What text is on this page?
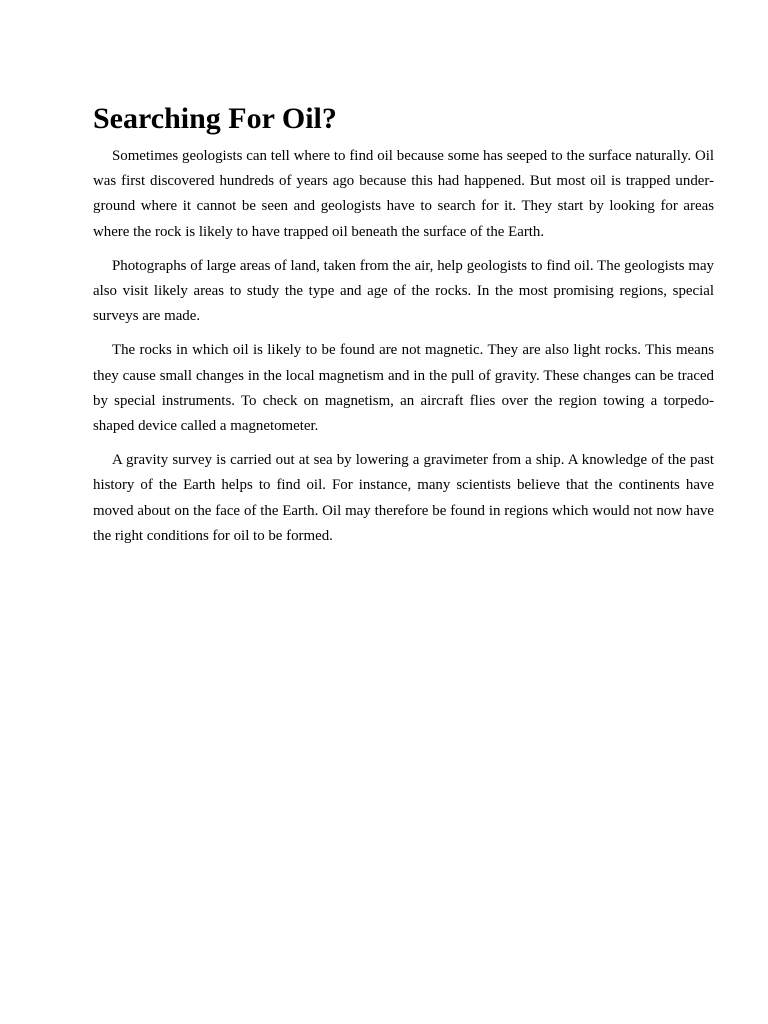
Searching For Oil?

Sometimes geologists can tell where to find oil because some has seeped to the surface naturally. Oil was first discovered hundreds of years ago because this had happened. But most oil is trapped under- ground where it cannot be seen and geologists have to search for it. They start by looking for areas where the rock is likely to have trapped oil beneath the surface of the Earth.

Photographs of large areas of land, taken from the air, help geologists to find oil. The geologists may also visit likely areas to study the type and age of the rocks. In the most promising regions, special surveys are made.

The rocks in which oil is likely to be found are not magnetic. They are also light rocks. This means they cause small changes in the local magnetism and in the pull of gravity. These changes can be traced by special instruments. To check on magnetism, an aircraft flies over the region towing a torpedo- shaped device called a magnetometer.

A gravity survey is carried out at sea by lowering a gravimeter from a ship. A knowledge of the past history of the Earth helps to find oil. For instance, many scientists believe that the continents have moved about on the face of the Earth. Oil may therefore be found in regions which would not now have the right conditions for oil to be formed.
